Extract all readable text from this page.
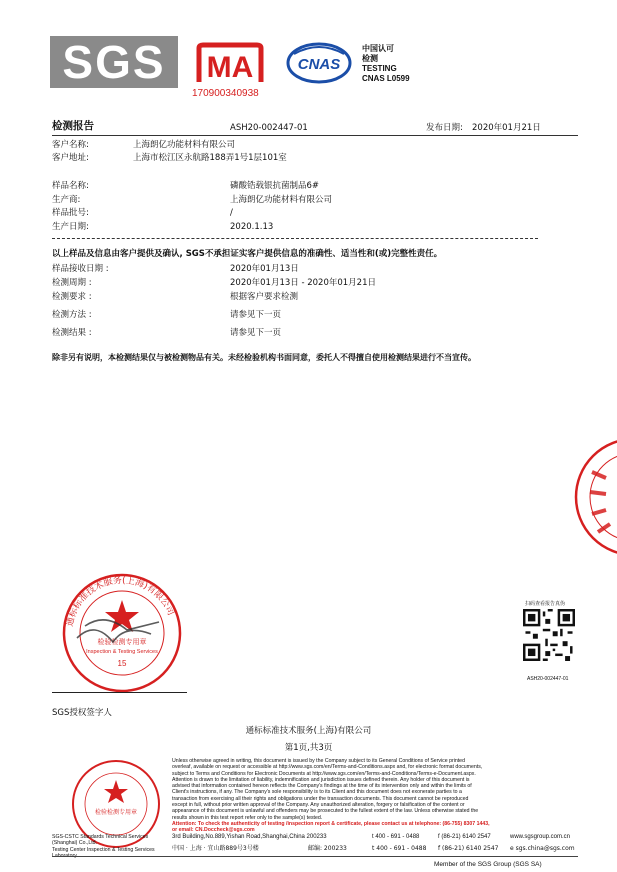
SGS	MA
170900340938
CNAS
中国认可
检测
TESTING
CNAS L0599
检测报告	ASH20-002447-01	发布日期: 2020年01月21日
客户名称:	上海朗亿功能材料有限公司
客户地址:	上海市松江区永航路188弄1号1层101室
样品名称:	磷酸锆载银抗菌制品6#
生产商:	上海朗亿功能材料有限公司
样品批号:	/
生产日期:	2020.1.13
以上样品及信息由客户提供及确认, SGS不承担证实客户提供信息的准确性、适当性和(或)完整性责任。
样品接收日期 :	2020年01月13日
检测周期 :	2020年01月13日 - 2020年01月21日
检测要求 :	根据客户要求检测
检测方法 :	请参见下一页
检测结果 :	请参见下一页
除非另有说明，本检测结果仅与被检测物品有关。未经检验机构书面同意，委托人不得擅自使用检测结果进行不当宣传。
通标标准技术服务(上海)有限公司
检验检测专用章
Inspection & Testing Services
15
扫码查看报告真伪
ASH20-002447-01
SGS授权签字人
通标标准技术服务(上海)有限公司
第1页,共3页
检验检测专用章
Unless otherwise agreed in writing, this document is issued by the Company subject to its General Conditions of Service printed
overleaf, available on request or accessible at http://www.sgs.com/en/Terms-and-Conditions.aspx and, for electronic format documents,
subject to Terms and Conditions for Electronic Documents at http://www.sgs.com/en/Terms-and-Conditions/Terms-e-Document.aspx.
Attention is drawn to the limitation of liability, indemnification and jurisdiction issues defined therein. Any holder of this document is
advised that information contained hereon reflects the Company's findings at the time of its intervention only and within the limits of
Client's instructions, if any. The Company's sole responsibility is to its Client and this document does not exonerate parties to a
transaction from exercising all their rights and obligations under the transaction documents. This document cannot be reproduced
except in full, without prior written approval of the Company. Any unauthorized alteration, forgery or falsification of the content or
appearance of this document is unlawful and offenders may be prosecuted to the fullest extent of the law. Unless otherwise stated the
results shown in this test report refer only to the sample(s) tested.
Attention: To check the authenticity of testing /inspection report & certificate, please contact us at telephone: (86-755) 8307 1443,
or email: CN.Doccheck@sgs.com
SGS-CSTC Standards Technical Services (Shanghai) Co.,Ltd.
Testing Center Inspection & Testing Services Laboratory
3rd Building,No.889,Yishan Road,Shanghai,China 200233	t 400 - 691 - 0488	f (86-21) 6140 2547	www.sgsgroup.com.cn
中国 · 上海 · 宜山路889号3号楼	邮编: 200233	t 400 - 691 - 0488 f (86-21) 6140 2547 e sgs.china@sgs.com
Member of the SGS Group (SGS SA)
